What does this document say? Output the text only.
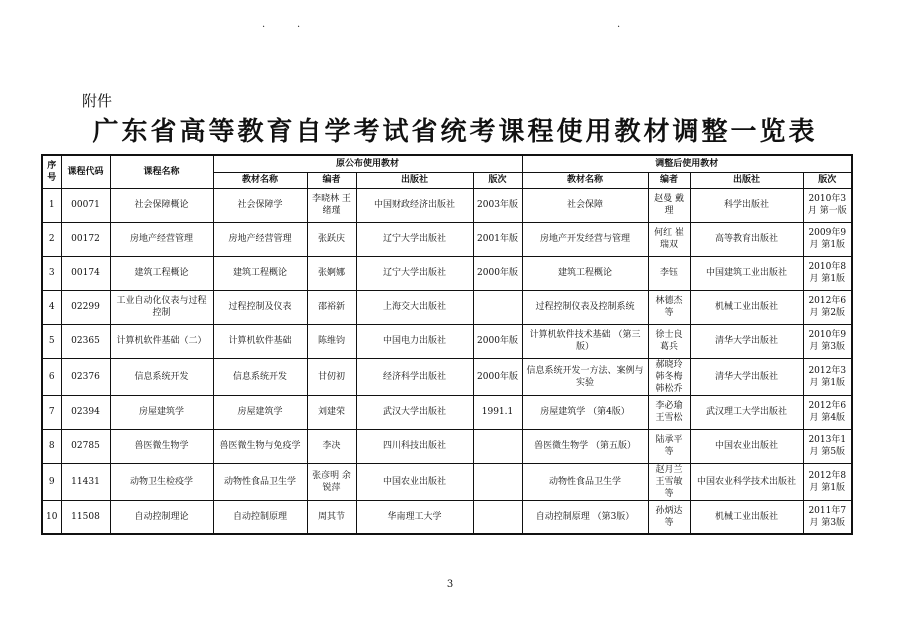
·	·	·
附件
广东省高等教育自学考试省统考课程使用教材调整一览表
序号	课程代码	课程名称	原公布使用教材				调整后使用教材			
			教材名称	编者	出版社	版次	教材名称	编者	出版社	版次
1	00071	社会保障概论	社会保障学	李晓林 王绪瑾	中国财政经济出版社	2003年版	社会保障	赵曼 戴理	科学出版社	2010年3月 第一版
2	00172	房地产经营管理	房地产经营管理	张跃庆	辽宁大学出版社	2001年版	房地产开发经营与管理	何红 崔瑞双	高等教育出版社	2009年9月 第1版
3	00174	建筑工程概论	建筑工程概论	张婀娜	辽宁大学出版社	2000年版	建筑工程概论	李钰	中国建筑工业出版社	2010年8月 第1版
4	02299	工业自动化仪表与过程控制	过程控制及仪表	邵裕新	上海交大出版社		过程控制仪表及控制系统	林德杰 等	机械工业出版社	2012年6月 第2版
5	02365	计算机软件基础（二）	计算机软件基础	陈维钧	中国电力出版社	2000年版	计算机软件技术基础 （第三版）	徐士良 葛兵	清华大学出版社	2010年9月 第3版
6	02376	信息系统开发	信息系统开发	甘仞初	经济科学出版社	2000年版	信息系统开发一方法、案例与实验	郝晓玲 韩冬梅 韩松乔	清华大学出版社	2012年3月 第1版
7	02394	房屋建筑学	房屋建筑学	刘建荣	武汉大学出版社	1991.1	房屋建筑学 （第4版）	李必瑜 王雪松	武汉理工大学出版社	2012年6月 第4版
8	02785	兽医微生物学	兽医微生物与免疫学	李决	四川科技出版社		兽医微生物学 （第五版）	陆承平 等	中国农业出版社	2013年1月 第5版
9	11431	动物卫生检疫学	动物性食品卫生学	张彦明 余锐萍	中国农业出版社		动物性食品卫生学	赵月兰 王雪敏 等	中国农业科学技术出版社	2012年8月 第1版
10	11508	自动控制理论	自动控制原理	周其节	华南理工大学		自动控制原理 （第3版）	孙炳达 等	机械工业出版社	2011年7月 第3版
3
